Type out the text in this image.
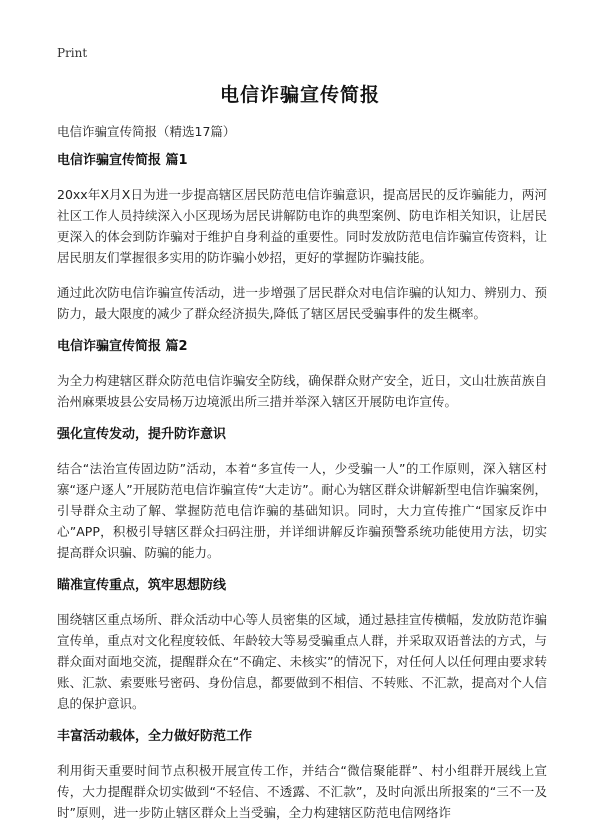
Print
电信诈骗宣传简报
电信诈骗宣传简报（精选17篇）
电信诈骗宣传简报 篇1

20xx年X月X日为进一步提高辖区居民防范电信诈骗意识，提高居民的反诈骗能力，两河社区工作人员持续深入小区现场为居民讲解防电诈的典型案例、防电诈相关知识，让居民更深入的体会到防诈骗对于维护自身利益的重要性。同时发放防范电信诈骗宣传资料，让居民朋友们掌握很多实用的防诈骗小妙招，更好的掌握防诈骗技能。

通过此次防电信诈骗宣传活动，进一步增强了居民群众对电信诈骗的认知力、辨别力、预防力，最大限度的减少了群众经济损失,降低了辖区居民受骗事件的发生概率。

电信诈骗宣传简报 篇2

为全力构建辖区群众防范电信诈骗安全防线，确保群众财产安全，近日，文山壮族苗族自治州麻栗坡县公安局杨万边境派出所三措并举深入辖区开展防电诈宣传。

强化宣传发动，提升防诈意识

结合“法治宣传固边防”活动，本着“多宣传一人，少受骗一人”的工作原则，深入辖区村寨“逐户逐人”开展防范电信诈骗宣传“大走访”。耐心为辖区群众讲解新型电信诈骗案例，引导群众主动了解、掌握防范电信诈骗的基础知识。同时，大力宣传推广“国家反诈中心”APP，积极引导辖区群众扫码注册，并详细讲解反诈骗预警系统功能使用方法，切实提高群众识骗、防骗的能力。

瞄准宣传重点，筑牢思想防线

围绕辖区重点场所、群众活动中心等人员密集的区域，通过悬挂宣传横幅，发放防范诈骗宣传单，重点对文化程度较低、年龄较大等易受骗重点人群，并采取双语普法的方式，与群众面对面地交流，提醒群众在“不确定、未核实”的情况下，对任何人以任何理由要求转账、汇款、索要账号密码、身份信息，都要做到不相信、不转账、不汇款，提高对个人信息的保护意识。

丰富活动载体，全力做好防范工作

利用街天重要时间节点积极开展宣传工作，并结合“微信聚能群”、村小组群开展线上宣传，大力提醒群众切实做到“不轻信、不透露、不汇款”，及时向派出所报案的“三不一及时”原则，进一步防止辖区群众上当受骗，全力构建辖区防范电信网络诈
